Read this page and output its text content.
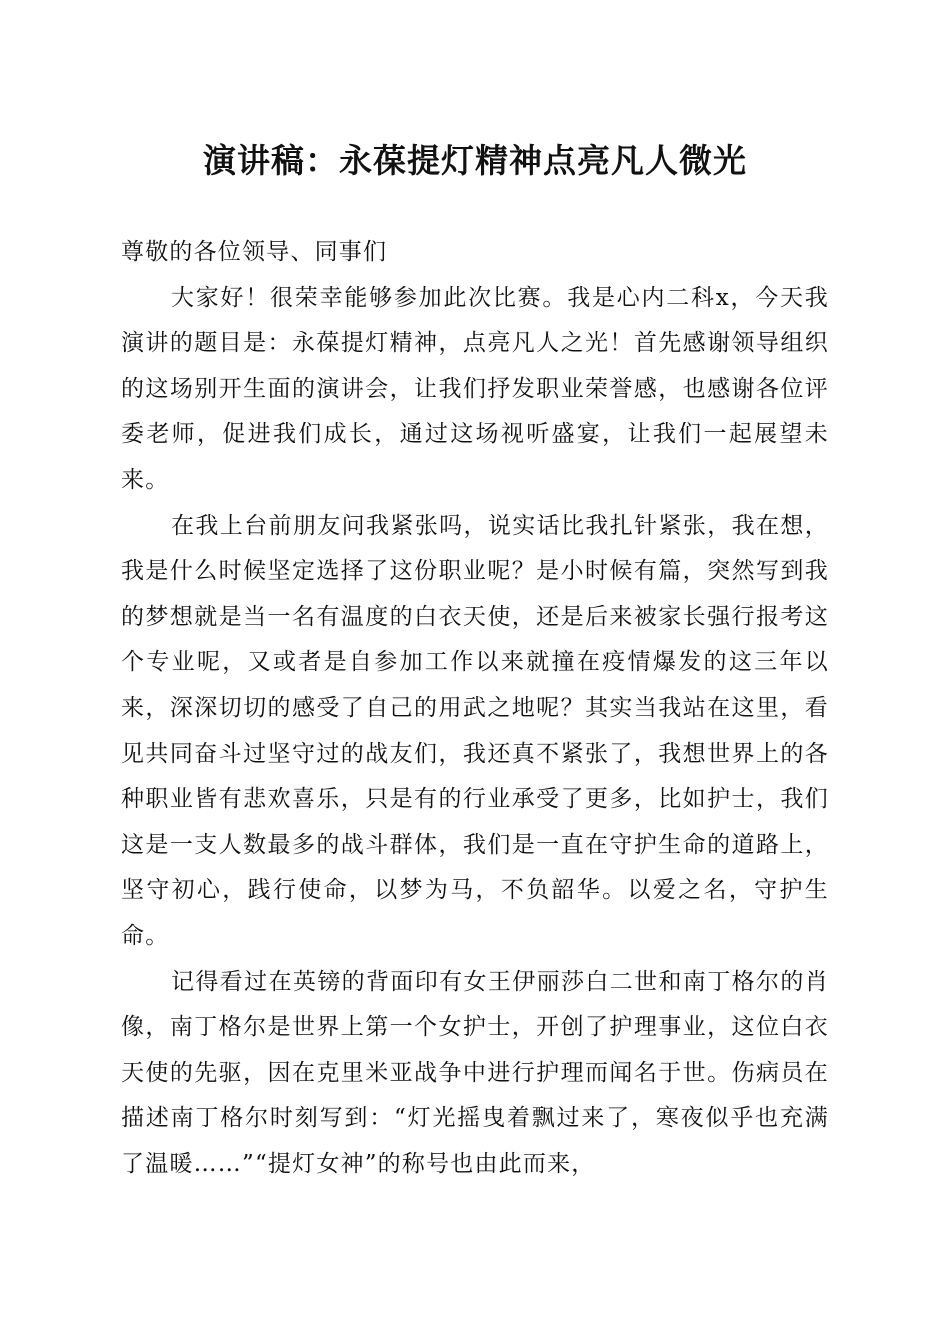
演讲稿：永葆提灯精神点亮凡人微光

尊敬的各位领导、同事们

大家好！很荣幸能够参加此次比赛。我是心内二科x，今天我演讲的题目是：永葆提灯精神，点亮凡人之光！首先感谢领导组织的这场别开生面的演讲会，让我们抒发职业荣誉感，也感谢各位评委老师，促进我们成长，通过这场视听盛宴，让我们一起展望未来。

在我上台前朋友问我紧张吗，说实话比我扎针紧张，我在想，我是什么时候坚定选择了这份职业呢？是小时候有篇，突然写到我的梦想就是当一名有温度的白衣天使，还是后来被家长强行报考这个专业呢，又或者是自参加工作以来就撞在疫情爆发的这三年以来，深深切切的感受了自己的用武之地呢？其实当我站在这里，看见共同奋斗过坚守过的战友们，我还真不紧张了，我想世界上的各种职业皆有悲欢喜乐，只是有的行业承受了更多，比如护士，我们这是一支人数最多的战斗群体，我们是一直在守护生命的道路上，坚守初心，践行使命，以梦为马，不负韶华。以爱之名，守护生命。

记得看过在英镑的背面印有女王伊丽莎白二世和南丁格尔的肖像，南丁格尔是世界上第一个女护士，开创了护理事业，这位白衣天使的先驱，因在克里米亚战争中进行护理而闻名于世。伤病员在描述南丁格尔时刻写到：“灯光摇曳着飘过来了，寒夜似乎也充满了温暖……”“提灯女神”的称号也由此而来，
